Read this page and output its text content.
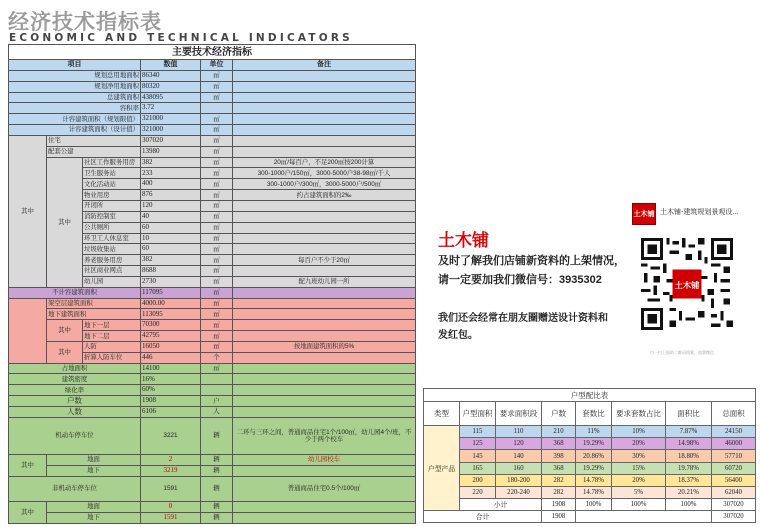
经济技术指标表
ECONOMIC AND TECHNICAL INDICATORS
主要技术经济指标					
项目			数值	单位	备注
规划总用地面积			86340	㎡	
规划净用地面积			80320	㎡	
总建筑面积			438095	㎡	
容积率			3.72		
计容建筑面积（规划限值）			321000	㎡	
计容建筑面积（设计值）			321000	㎡	
其中	住宅		307020	㎡	
	配套公建		13980	㎡	
	其中	社区工作服务用房	382	㎡	20㎡/每百户，不足200㎡按200计算
		卫生服务站	233	㎡	300-1000户/150㎡，3000-5000户38-98㎡/千人
		文化活动站	400	㎡	300-1000户/300㎡，3000-5000户/500㎡
		物业用房	876	㎡	约占建筑面积的2‰
		开闭所	120	㎡	
		消防控制室	40	㎡	
		公共厕所	60	㎡	
		环卫工人休息室	10	㎡	
		垃圾收集站	60	㎡	
		养老服务用房	382	㎡	每百户不少于20㎡
		社区商业网点	8688	㎡	
		幼儿园	2730	㎡	配九班幼儿园一所
不计容建筑面积			117095	㎡	
	架空层建筑面积		4000.00	㎡	
	地下建筑面积		113095	㎡	
	其中	地下一层	70300	㎡	
		地下二层	42795	㎡	
	其中	人防	16050	㎡	按地面建筑面积的5%
		折算人防车位	446	个	
占地面积			14100	㎡	
建筑密度			16%		
绿化率			60%		
户数			1908	户	
人数			6106	人	
机动车停车位			3221	辆	二环与三环之间，普通商品住宅1个/100㎡，幼儿园4个/班，不少于两个校车
其中	地面		2	辆	幼儿园校车
	地下		3219	辆	
非机动车停车位			1591	辆	普通商品住宅0.5个/100㎡
其中	地面		0	辆	
	地下		1591	辆	
土木铺 土木铺-建筑规划景观设...
土木铺
及时了解我们店铺新资料的上架情况，
请一定要加我们微信号：3935302
我们还会经常在朋友圈赠送设计资料和
发红包。
土木铺
扫一扫上面的二维码图案，加我微信
户型配比表							
类型	户型面积	要求面积段	户数	套数比	要求套数占比	面积比	总面积
户型产品	115	110	210	11%	10%	7.87%	24150
	125	120	368	19.29%	20%	14.98%	46000
	145	140	398	20.86%	30%	18.80%	57710
	165	160	368	19.29%	15%	19.78%	60720
	200	180-200	282	14.78%	20%	18.37%	56400
	220	220-240	282	14.78%	5%	20.21%	62040
	小计		1908	100%	100%	100%	307020
合计			1908				307020
